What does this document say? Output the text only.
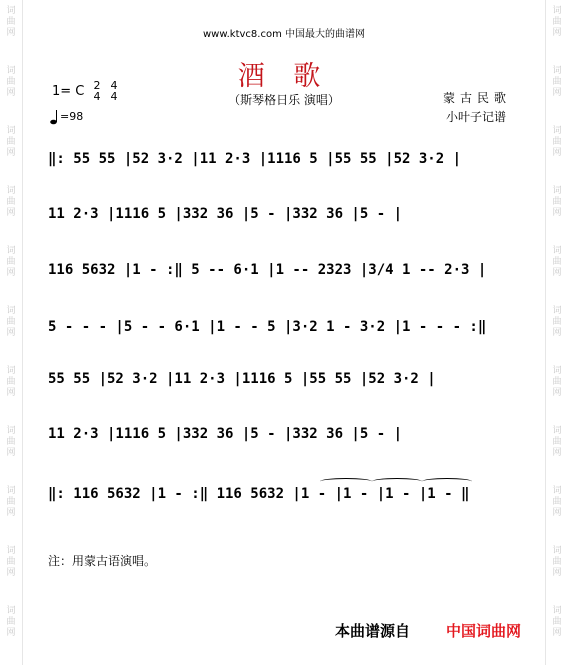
词
曲
网
词
曲
网
词
曲
网
词
曲
网
词
曲
网
词
曲
网
词
曲
网
词
曲
网
词
曲
网
词
曲
网
词
曲
网
词
曲
网
词
曲
网
词
曲
网
词
曲
网
词
曲
网
词
曲
网
词
曲
网
词
曲
网
词
曲
网
词
曲
网
词
曲
网
www.ktvc8.com 中国最大的曲谱网
酒 歌
（斯琴格日乐 演唱）
1= C 2
4
4
4
=98
蒙古民歌
小叶子记谱
‖: 55 55 |52 3·2 |11 2·3 |1116 5 |55 55 |52 3·2 |
11 2·3 |1116 5 |332 36 |5 - |332 36 |5 - |
116 5632 |1 - :‖ 5 -- 6·1 |1 -- 2323 |3/4 1 -- 2·3 |
5 - - - |5 - - 6·1 |1 - - 5 |3·2 1 - 3·2 |1 - - - :‖
55 55 |52 3·2 |11 2·3 |1116 5 |55 55 |52 3·2 |
11 2·3 |1116 5 |332 36 |5 - |332 36 |5 - |
‖: 116 5632 |1 - :‖ 116 5632 |1 - |1 - |1 - |1 - ‖
注：用蒙古语演唱。
本曲谱源自 中国词曲网
